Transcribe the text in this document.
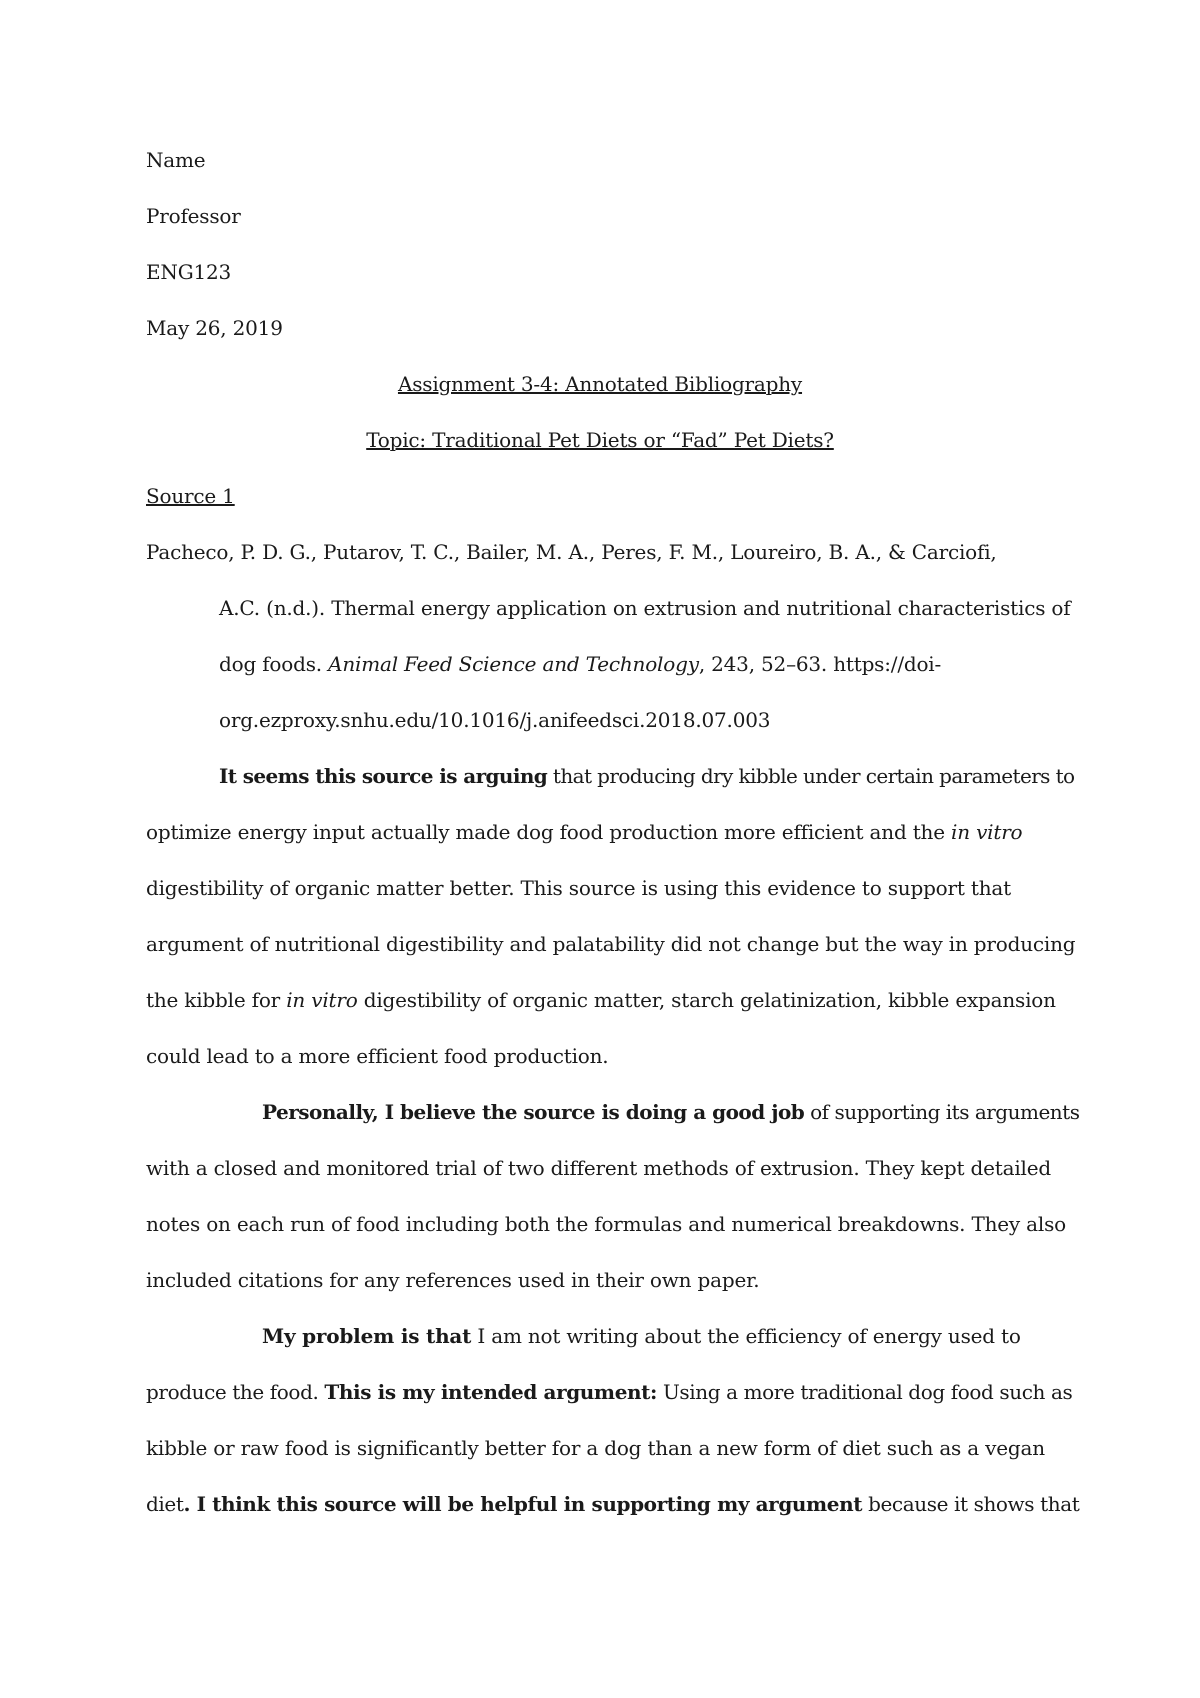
Name
Professor
ENG123
May 26, 2019
Assignment 3-4: Annotated Bibliography
Topic: Traditional Pet Diets or “Fad” Pet Diets?
Source 1
Pacheco, P. D. G., Putarov, T. C., Bailer, M. A., Peres, F. M., Loureiro, B. A., & Carciofi,
A.C. (n.d.). Thermal energy application on extrusion and nutritional characteristics of
dog foods. Animal Feed Science and Technology, 243, 52–63. https://doi-
org.ezproxy.snhu.edu/10.1016/j.anifeedsci.2018.07.003
It seems this source is arguing that producing dry kibble under certain parameters to
optimize energy input actually made dog food production more efficient and the in vitro
digestibility of organic matter better. This source is using this evidence to support that
argument of nutritional digestibility and palatability did not change but the way in producing
the kibble for in vitro digestibility of organic matter, starch gelatinization, kibble expansion
could lead to a more efficient food production.
Personally, I believe the source is doing a good job of supporting its arguments
with a closed and monitored trial of two different methods of extrusion. They kept detailed
notes on each run of food including both the formulas and numerical breakdowns. They also
included citations for any references used in their own paper.
My problem is that I am not writing about the efficiency of energy used to
produce the food. This is my intended argument: Using a more traditional dog food such as
kibble or raw food is significantly better for a dog than a new form of diet such as a vegan
diet. I think this source will be helpful in supporting my argument because it shows that
